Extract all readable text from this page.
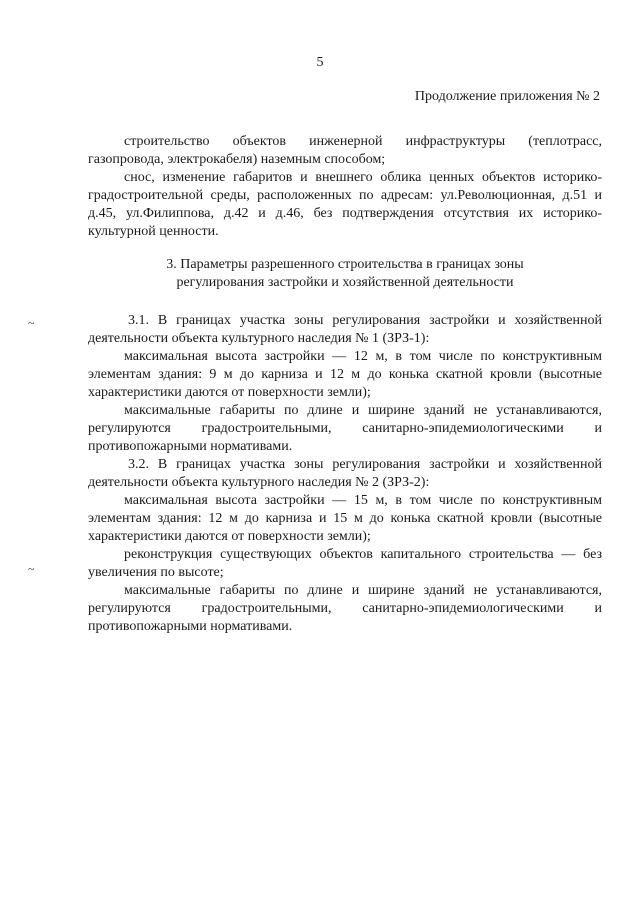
5
Продолжение приложения № 2
~
~

строительство объектов инженерной инфраструктуры (теплотрасс, газопровода, электрокабеля) наземным способом;

снос, изменение габаритов и внешнего облика ценных объектов историко-градостроительной среды, расположенных по адресам: ул.Революционная, д.51 и д.45, ул.Филиппова, д.42 и д.46, без подтверждения отсутствия их историко-культурной ценности.

3. Параметры разрешенного строительства в границах зоны
регулирования застройки и хозяйственной деятельности

3.1. В границах участка зоны регулирования застройки и хозяйственной деятельности объекта культурного наследия № 1 (ЗРЗ-1):

максимальная высота застройки — 12 м, в том числе по конструктивным элементам здания: 9 м до карниза и 12 м до конька скатной кровли (высотные характеристики даются от поверхности земли);

максимальные габариты по длине и ширине зданий не устанавливаются, регулируются градостроительными, санитарно-эпидемиологическими и противопожарными нормативами.

3.2. В границах участка зоны регулирования застройки и хозяйственной деятельности объекта культурного наследия № 2 (ЗРЗ-2):

максимальная высота застройки — 15 м, в том числе по конструктивным элементам здания: 12 м до карниза и 15 м до конька скатной кровли (высотные характеристики даются от поверхности земли);

реконструкция существующих объектов капитального строительства — без увеличения по высоте;

максимальные габариты по длине и ширине зданий не устанавливаются, регулируются градостроительными, санитарно-эпидемиологическими и противопожарными нормативами.
